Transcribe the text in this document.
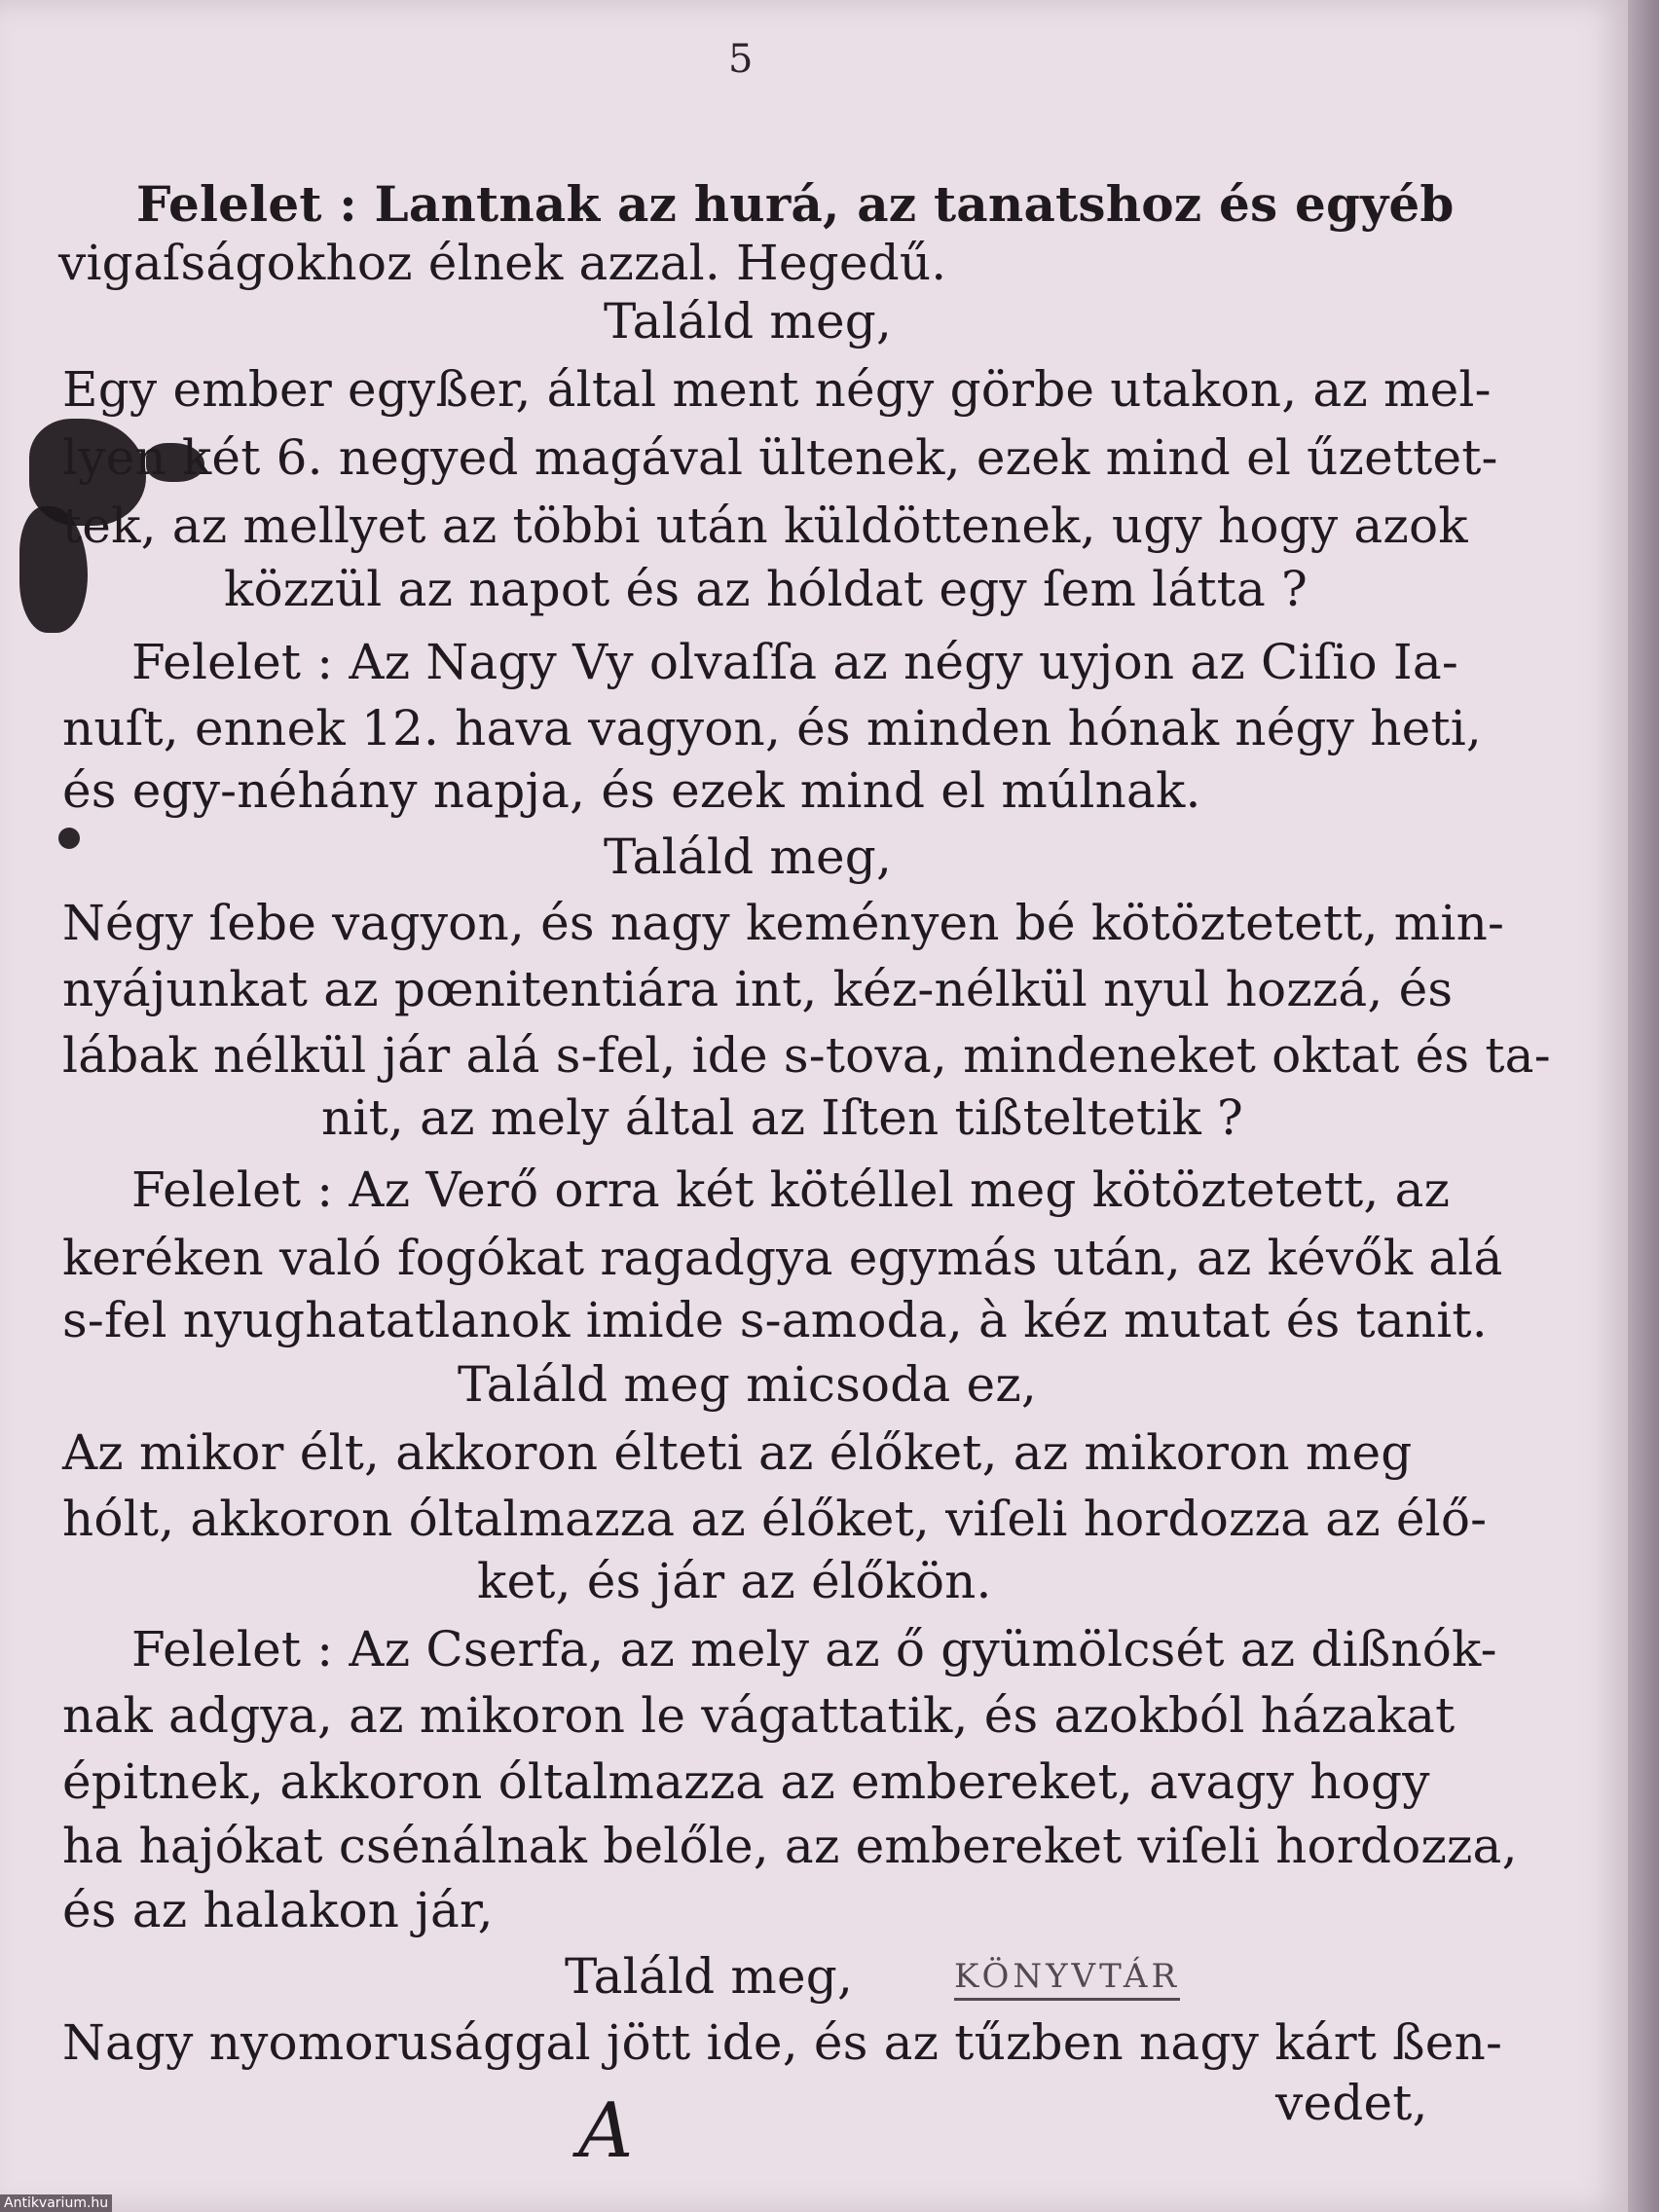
5
Felelet : Lantnak az hurá, az tanatshoz és egyéb
vigaſságokhoz élnek azzal. Hegedű.
Találd meg,
Egy ember egyßer, által ment négy görbe utakon, az mel-
lyen két 6. negyed magával ültenek, ezek mind el űzettet-
tek, az mellyet az többi után küldöttenek, ugy hogy azok
közzül az napot és az hóldat egy ſem látta ?
Felelet : Az Nagy Vy olvaſſa az négy uyjon az Ciſio Ia-
nuſt, ennek 12. hava vagyon, és minden hónak négy heti,
és egy-néhány napja, és ezek mind el múlnak.
Találd meg,
Négy ſebe vagyon, és nagy keményen bé kötöztetett, min-
nyájunkat az pœnitentiára int, kéz-nélkül nyul hozzá, és
lábak nélkül jár alá s-fel, ide s-tova, mindeneket oktat és ta-
nit, az mely által az Iſten tißteltetik ?
Felelet : Az Verő orra két kötéllel meg kötöztetett, az
keréken való fogókat ragadgya egymás után, az kévők alá
s-fel nyughatatlanok imide s-amoda, à kéz mutat és tanit.
Találd meg micsoda ez,
Az mikor élt, akkoron élteti az élőket, az mikoron meg
hólt, akkoron óltalmazza az élőket, viſeli hordozza az élő-
ket, és jár az élőkön.
Felelet : Az Cserfa, az mely az ő gyümölcsét az dißnók-
nak adgya, az mikoron le vágattatik, és azokból házakat
épitnek, akkoron óltalmazza az embereket, avagy hogy
ha hajókat csénálnak belőle, az embereket viſeli hordozza,
és az halakon jár,
Találd meg,
Nagy nyomorusággal jött ide, és az tűzben nagy kárt ßen-
vedet,
KÖNYVTÁR
A
Antikvarium.hu
